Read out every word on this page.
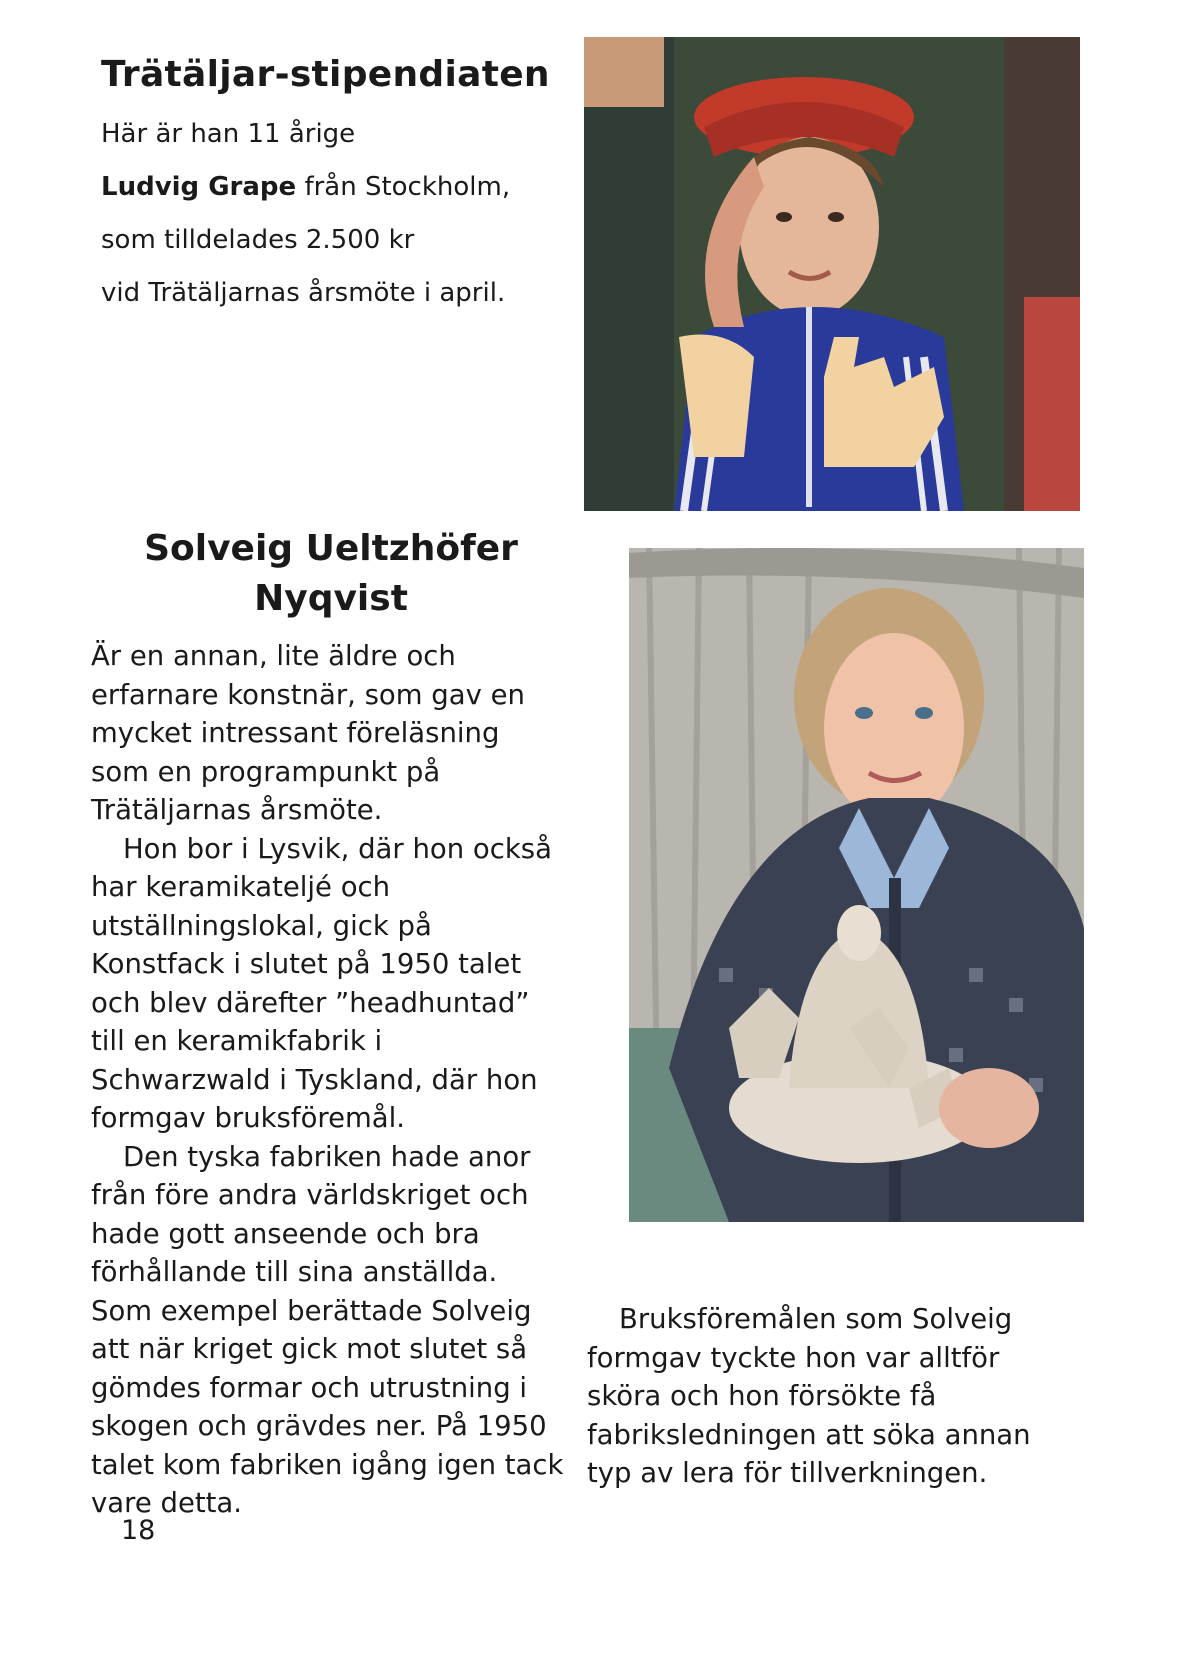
Trätäljar-stipendiaten
Här är han 11 årige
Ludvig Grape från Stockholm,
som tilldelades 2.500 kr
vid Trätäljarnas årsmöte i april.
Solveig Ueltzhöfer
Nyqvist

Är en annan, lite äldre och erfarnare konstnär, som gav en mycket intressant föreläsning som en programpunkt på Trätäljarnas årsmöte.

Hon bor i Lysvik, där hon också har keramikatelјé och utställningslokal, gick på Konstfack i slutet på 1950 talet och blev därefter ”headhuntad” till en keramikfabrik i Schwarzwald i Tyskland, där hon formgav bruksföremål.

Den tyska fabriken hade anor från före andra världskriget och hade gott anseende och bra förhållande till sina anställda. Som exempel berättade Solveig att när kriget gick mot slutet så gömdes formar och utrustning i skogen och grävdes ner. På 1950 talet kom fabriken igång igen tack vare detta.

Bruksföremålen som Solveig formgav tyckte hon var alltför sköra och hon försökte få fabriksledningen att söka annan typ av lera för tillverkningen.

18
